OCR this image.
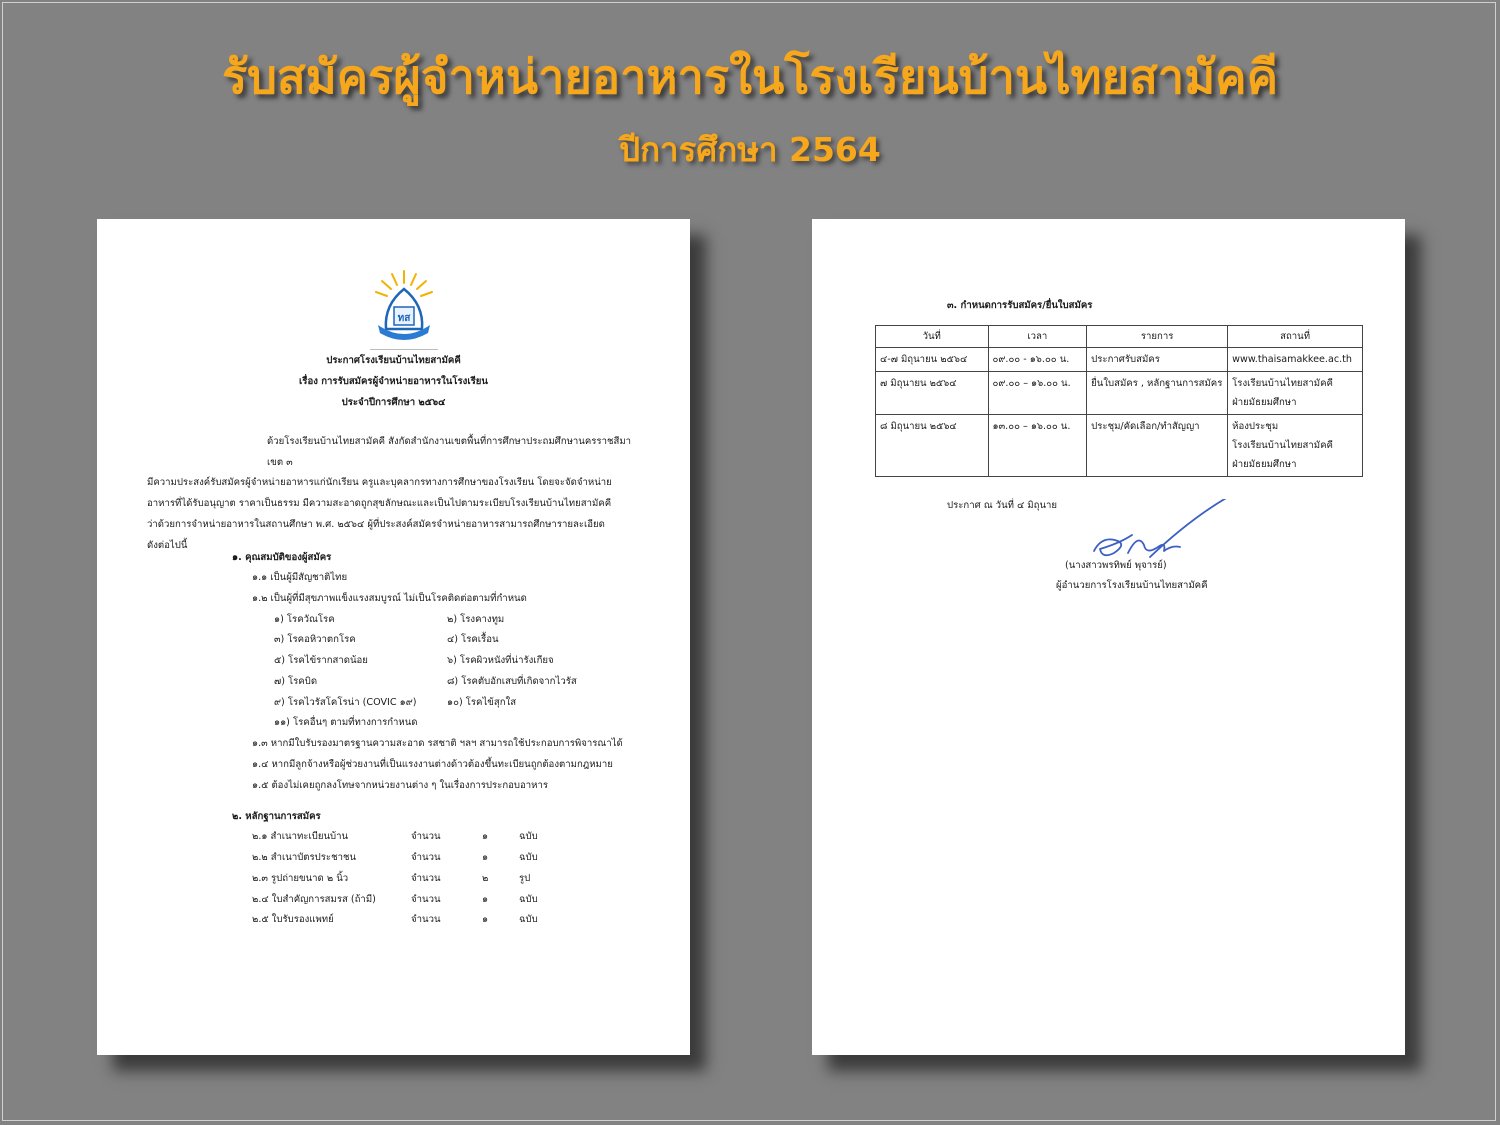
รับสมัครผู้จำหน่ายอาหารในโรงเรียนบ้านไทยสามัคคี
ปีการศึกษา 2564
ทส
ประกาศโรงเรียนบ้านไทยสามัคคี
เรื่อง การรับสมัครผู้จำหน่ายอาหารในโรงเรียน
ประจำปีการศึกษา ๒๕๖๔

ด้วยโรงเรียนบ้านไทยสามัคคี สังกัดสำนักงานเขตพื้นที่การศึกษาประถมศึกษานครราชสีมา เขต ๓

มีความประสงค์รับสมัครผู้จำหน่ายอาหารแก่นักเรียน ครูและบุคลากรทางการศึกษาของโรงเรียน โดยจะจัดจำหน่าย

อาหารที่ได้รับอนุญาต ราคาเป็นธรรม มีความสะอาดถูกสุขลักษณะและเป็นไปตามระเบียบโรงเรียนบ้านไทยสามัคคี

ว่าด้วยการจำหน่ายอาหารในสถานศึกษา พ.ศ. ๒๕๖๔ ผู้ที่ประสงค์สมัครจำหน่ายอาหารสามารถศึกษารายละเอียด

ดังต่อไปนี้

๑. คุณสมบัติของผู้สมัคร
๑.๑ เป็นผู้มีสัญชาติไทย
๑.๒ เป็นผู้ที่มีสุขภาพแข็งแรงสมบูรณ์ ไม่เป็นโรคติดต่อตามที่กำหนด
๑) โรควัณโรค	๒) โรงคางทูม
๓) โรคอหิวาตกโรค	๔) โรคเรื้อน
๕) โรคไข้รากสาดน้อย	๖) โรคผิวหนังที่น่ารังเกียจ
๗) โรคบิด	๘) โรคตับอักเสบที่เกิดจากไวรัส
๙) โรคไวรัสโคโรน่า (COVIC ๑๙)	๑๐) โรคไข้สุกใส
๑๑) โรคอื่นๆ ตามที่ทางการกำหนด
๑.๓ หากมีใบรับรองมาตรฐานความสะอาด รสชาติ ฯลฯ สามารถใช้ประกอบการพิจารณาได้
๑.๔ หากมีลูกจ้างหรือผู้ช่วยงานที่เป็นแรงงานต่างด้าวต้องขึ้นทะเบียนถูกต้องตามกฎหมาย
๑.๕ ต้องไม่เคยถูกลงโทษจากหน่วยงานต่าง ๆ ในเรื่องการประกอบอาหาร
๒. หลักฐานการสมัคร
๒.๑ สำเนาทะเบียนบ้าน	จำนวน	๑	ฉบับ
๒.๒ สำเนาบัตรประชาชน	จำนวน	๑	ฉบับ
๒.๓ รูปถ่ายขนาด ๒ นิ้ว	จำนวน	๒	รูป
๒.๔ ใบสำคัญการสมรส (ถ้ามี)	จำนวน	๑	ฉบับ
๒.๕ ใบรับรองแพทย์	จำนวน	๑	ฉบับ
๓. กำหนดการรับสมัคร/ยื่นใบสมัคร
วันที่	เวลา	รายการ	สถานที่
๔-๗ มิถุนายน ๒๕๖๔	๐๙.๐๐ - ๑๖.๐๐ น.	ประกาศรับสมัคร	www.thaisamakkee.ac.th

๗ มิถุนายน ๒๕๖๔	๐๙.๐๐ – ๑๖.๐๐ น.	ยื่นใบสมัคร , หลักฐานการสมัคร	โรงเรียนบ้านไทยสามัคคี
ฝ่ายมัธยมศึกษา

๘ มิถุนายน ๒๕๖๔	๑๓.๐๐ – ๑๖.๐๐ น.	ประชุม/คัดเลือก/ทำสัญญา	ห้องประชุม
โรงเรียนบ้านไทยสามัคคี
ฝ่ายมัธยมศึกษา
ประกาศ ณ วันที่ ๔ มิถุนาย
(นางสาวพรทิพย์ พุจารย์)
ผู้อำนวยการโรงเรียนบ้านไทยสามัคคี
